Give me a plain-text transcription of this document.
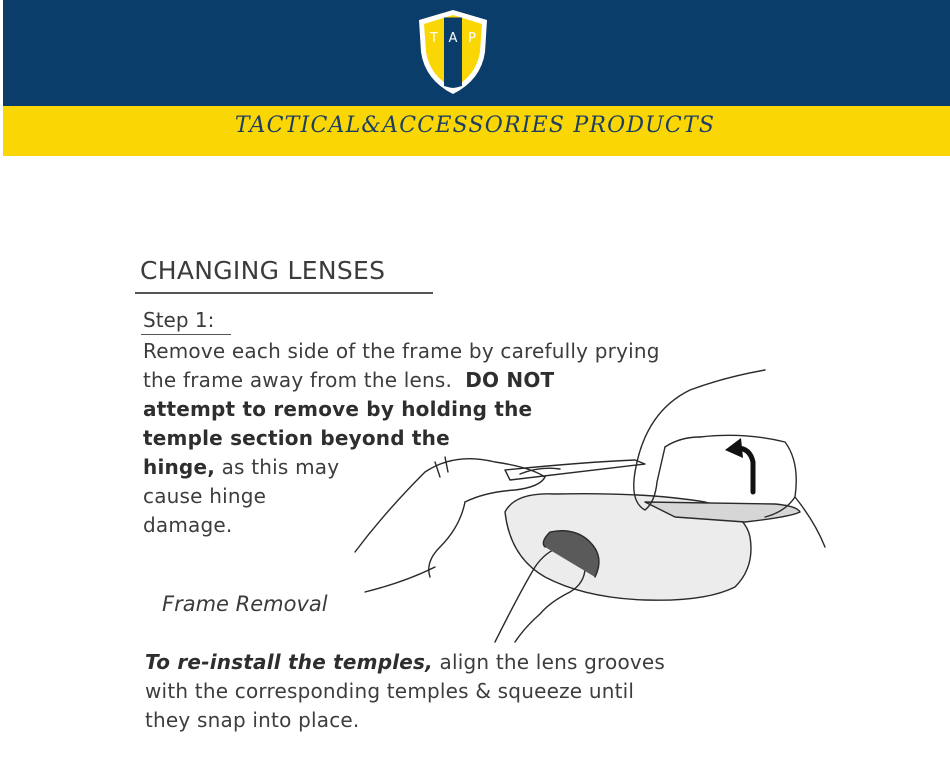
T A P
TACTICAL&ACCESSORIES PRODUCTS
CHANGING LENSES
Step 1:
Remove each side of the frame by carefully prying
the frame away from the lens. DO NOT
attempt to remove by holding the
temple section beyond the
hinge, as this may
cause hinge
damage.
Frame Removal
To re-install the temples, align the lens grooves
with the corresponding temples & squeeze until
they snap into place.
